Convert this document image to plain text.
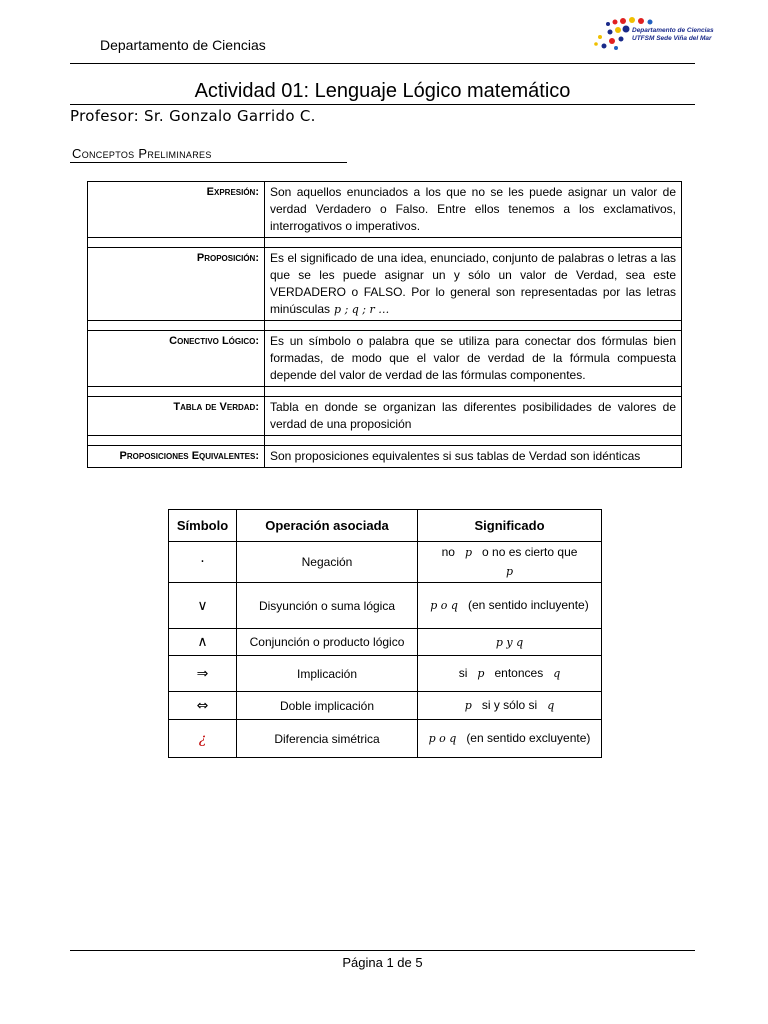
Departamento de Ciencias
Departamento de Ciencias
UTFSM Sede Viña del Mar
Actividad 01: Lenguaje Lógico matemático
Profesor: Sr. Gonzalo Garrido C.
Conceptos Preliminares
Expresión:	Son aquellos enunciados a los que no se les puede asignar un valor de verdad Verdadero o Falso. Entre ellos tenemos a los exclamativos, interrogativos o imperativos.

Proposición:	Es el significado de una idea, enunciado, conjunto de palabras o letras a las que se les puede asignar un y sólo un valor de Verdad, sea este VERDADERO o FALSO. Por lo general son representadas por las letras minúsculas p ; q ; r …

Conectivo Lógico:	Es un símbolo o palabra que se utiliza para conectar dos fórmulas bien formadas, de modo que el valor de verdad de la fórmula compuesta depende del valor de verdad de las fórmulas componentes.

Tabla de Verdad:	Tabla en donde se organizan las diferentes posibilidades de valores de verdad de una proposición

Proposiciones Equivalentes:	Son proposiciones equivalentes si sus tablas de Verdad son idénticas
Símbolo	Operación asociada	Significado
·	Negación	no p o no es cierto que
p
∨	Disyunción o suma lógica	p o q (en sentido incluyente)
∧	Conjunción o producto lógico	p y q
⇒	Implicación	si p entonces q
⇔	Doble implicación	p si y sólo si q
¿	Diferencia simétrica	p o q (en sentido excluyente)
Página 1 de 5
